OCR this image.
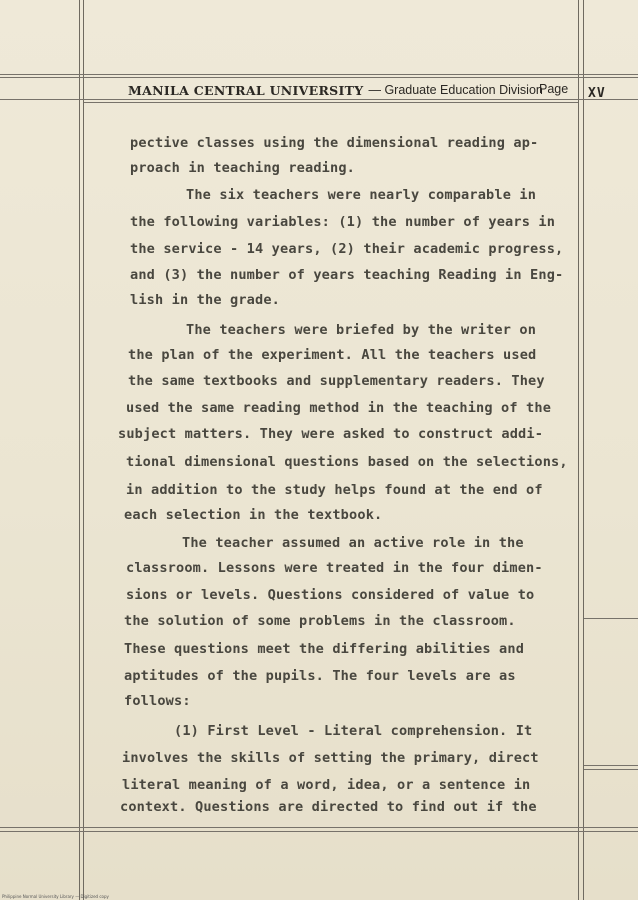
MANILA CENTRAL UNIVERSITY — Graduate Education Division
Page XV
pective classes using the dimensional reading ap-
proach in teaching reading.
The six teachers were nearly comparable in
the following variables: (1) the number of years in
the service - 14 years, (2) their academic progress,
and (3) the number of years teaching Reading in Eng-
lish in the grade.
The teachers were briefed by the writer on
the plan of the experiment. All the teachers used
the same textbooks and supplementary readers. They
used the same reading method in the teaching of the
subject matters. They were asked to construct addi-
tional dimensional questions based on the selections,
in addition to the study helps found at the end of
each selection in the textbook.
The teacher assumed an active role in the
classroom. Lessons were treated in the four dimen-
sions or levels. Questions considered of value to
the solution of some problems in the classroom.
These questions meet the differing abilities and
aptitudes of the pupils. The four levels are as
follows:
(1) First Level - Literal comprehension. It
involves the skills of setting the primary, direct
literal meaning of a word, idea, or a sentence in
context. Questions are directed to find out if the
Philippine Normal University Library — Digitized copy
